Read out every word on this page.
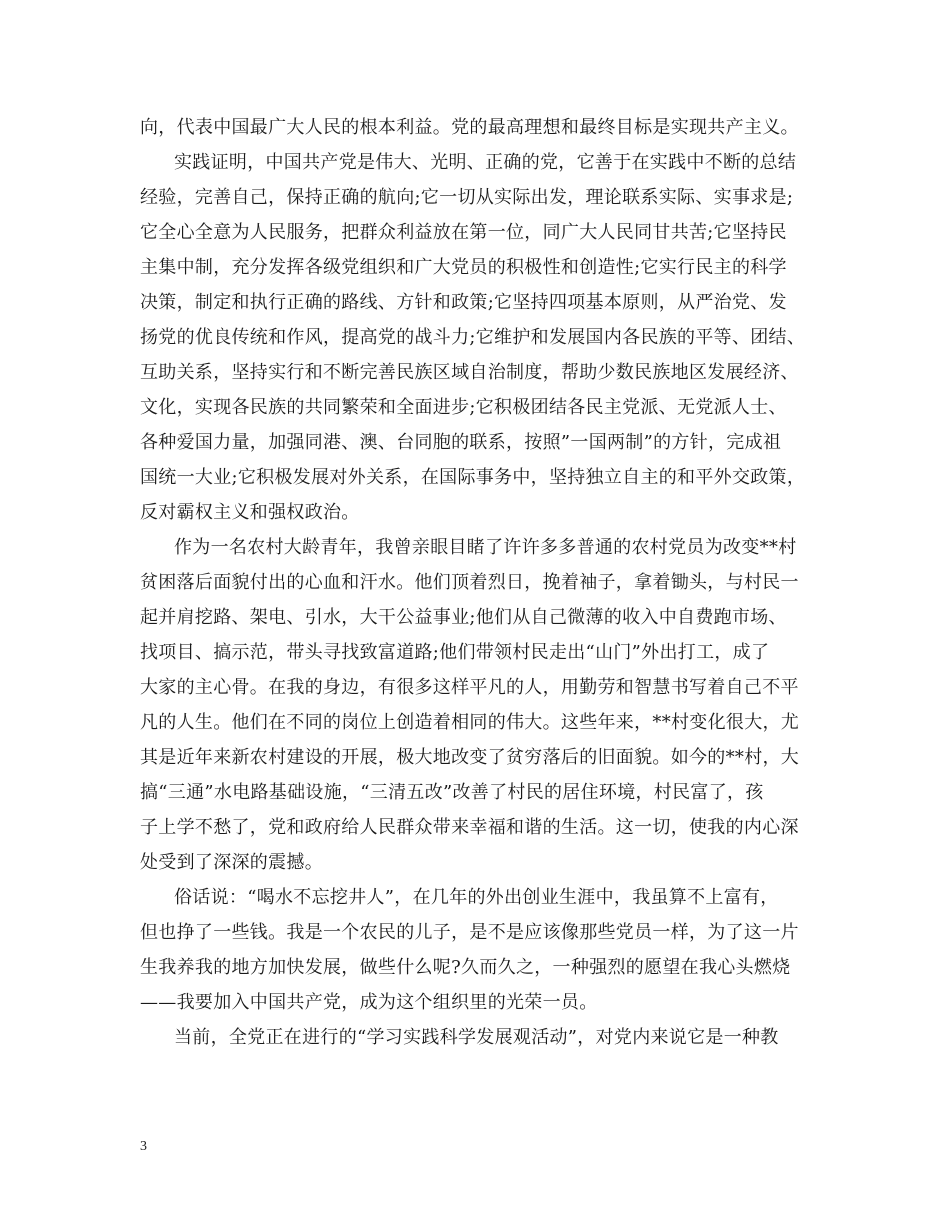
向，代表中国最广大人民的根本利益。党的最高理想和最终目标是实现共产主义。
实践证明，中国共产党是伟大、光明、正确的党，它善于在实践中不断的总结
经验，完善自己，保持正确的航向;它一切从实际出发，理论联系实际、实事求是;
它全心全意为人民服务，把群众利益放在第一位，同广大人民同甘共苦;它坚持民
主集中制，充分发挥各级党组织和广大党员的积极性和创造性;它实行民主的科学
决策，制定和执行正确的路线、方针和政策;它坚持四项基本原则，从严治党、发
扬党的优良传统和作风，提高党的战斗力;它维护和发展国内各民族的平等、团结、
互助关系，坚持实行和不断完善民族区域自治制度，帮助少数民族地区发展经济、
文化，实现各民族的共同繁荣和全面进步;它积极团结各民主党派、无党派人士、
各种爱国力量，加强同港、澳、台同胞的联系，按照”一国两制”的方针，完成祖
国统一大业;它积极发展对外关系，在国际事务中，坚持独立自主的和平外交政策，
反对霸权主义和强权政治。
作为一名农村大龄青年，我曾亲眼目睹了许许多多普通的农村党员为改变**村
贫困落后面貌付出的心血和汗水。他们顶着烈日，挽着袖子，拿着锄头，与村民一
起并肩挖路、架电、引水，大干公益事业;他们从自己微薄的收入中自费跑市场、
找项目、搞示范，带头寻找致富道路;他们带领村民走出“山门”外出打工，成了
大家的主心骨。在我的身边，有很多这样平凡的人，用勤劳和智慧书写着自己不平
凡的人生。他们在不同的岗位上创造着相同的伟大。这些年来，**村变化很大，尤
其是近年来新农村建设的开展，极大地改变了贫穷落后的旧面貌。如今的**村，大
搞“三通”水电路基础设施，“三清五改”改善了村民的居住环境，村民富了，孩
子上学不愁了，党和政府给人民群众带来幸福和谐的生活。这一切，使我的内心深
处受到了深深的震撼。
俗话说：“喝水不忘挖井人”，在几年的外出创业生涯中，我虽算不上富有，
但也挣了一些钱。我是一个农民的儿子，是不是应该像那些党员一样，为了这一片
生我养我的地方加快发展，做些什么呢?久而久之，一种强烈的愿望在我心头燃烧
——我要加入中国共产党，成为这个组织里的光荣一员。
当前，全党正在进行的“学习实践科学发展观活动”，对党内来说它是一种教
3
